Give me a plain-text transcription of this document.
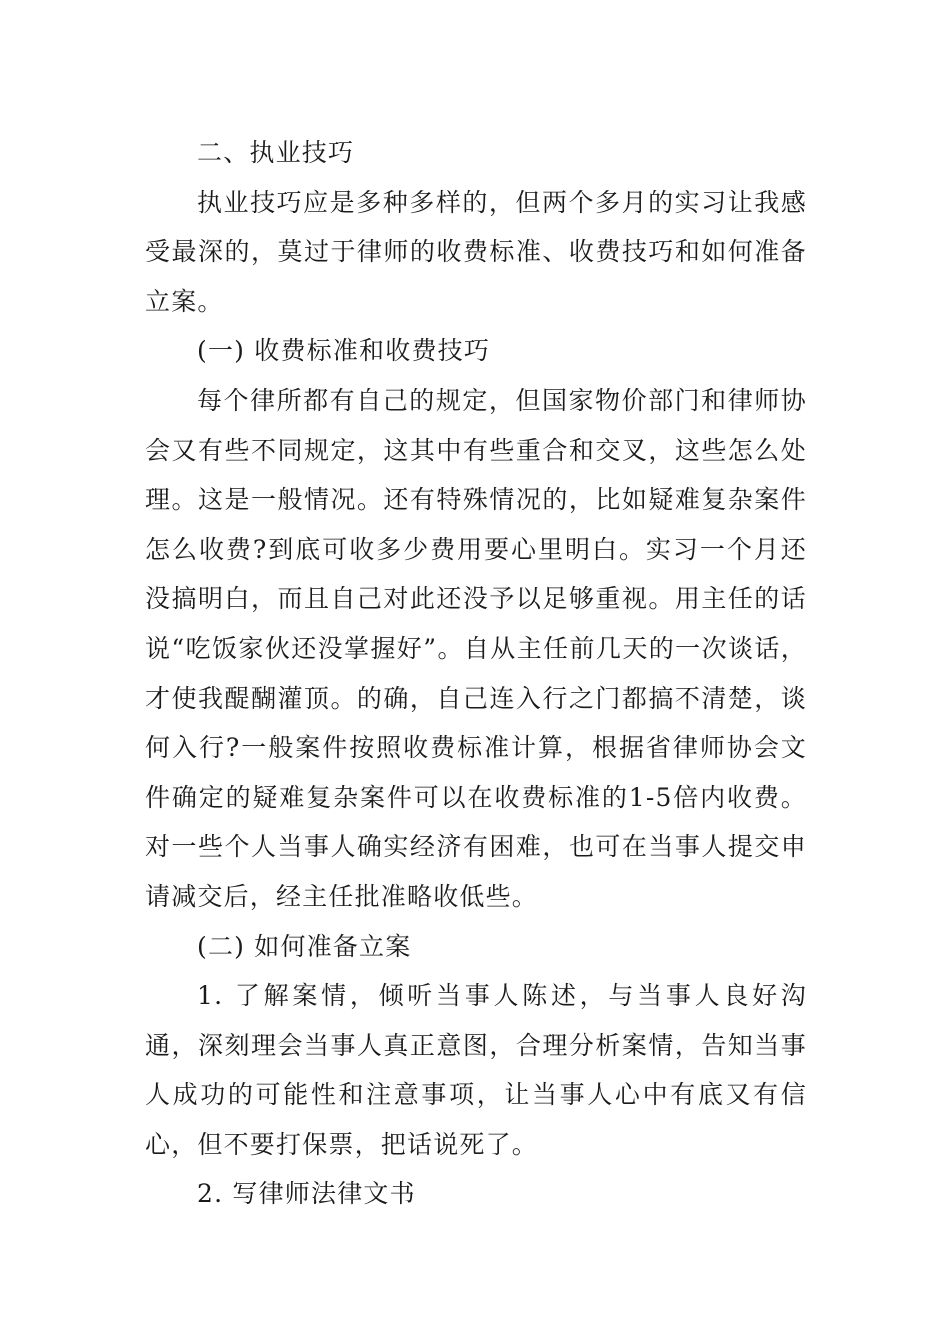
二、执业技巧

执业技巧应是多种多样的，但两个多月的实习让我感受最深的，莫过于律师的收费标准、收费技巧和如何准备立案。

(一) 收费标准和收费技巧

每个律所都有自己的规定，但国家物价部门和律师协会又有些不同规定，这其中有些重合和交叉，这些怎么处理。这是一般情况。还有特殊情况的，比如疑难复杂案件怎么收费?到底可收多少费用要心里明白。实习一个月还没搞明白，而且自己对此还没予以足够重视。用主任的话说“吃饭家伙还没掌握好”。自从主任前几天的一次谈话，才使我醍醐灌顶。的确，自己连入行之门都搞不清楚，谈何入行?一般案件按照收费标准计算，根据省律师协会文件确定的疑难复杂案件可以在收费标准的1-5倍内收费。对一些个人当事人确实经济有困难，也可在当事人提交申请减交后，经主任批准略收低些。

(二) 如何准备立案

1. 了解案情，倾听当事人陈述，与当事人良好沟通，深刻理会当事人真正意图，合理分析案情，告知当事人成功的可能性和注意事项，让当事人心中有底又有信心，但不要打保票，把话说死了。

2. 写律师法律文书
